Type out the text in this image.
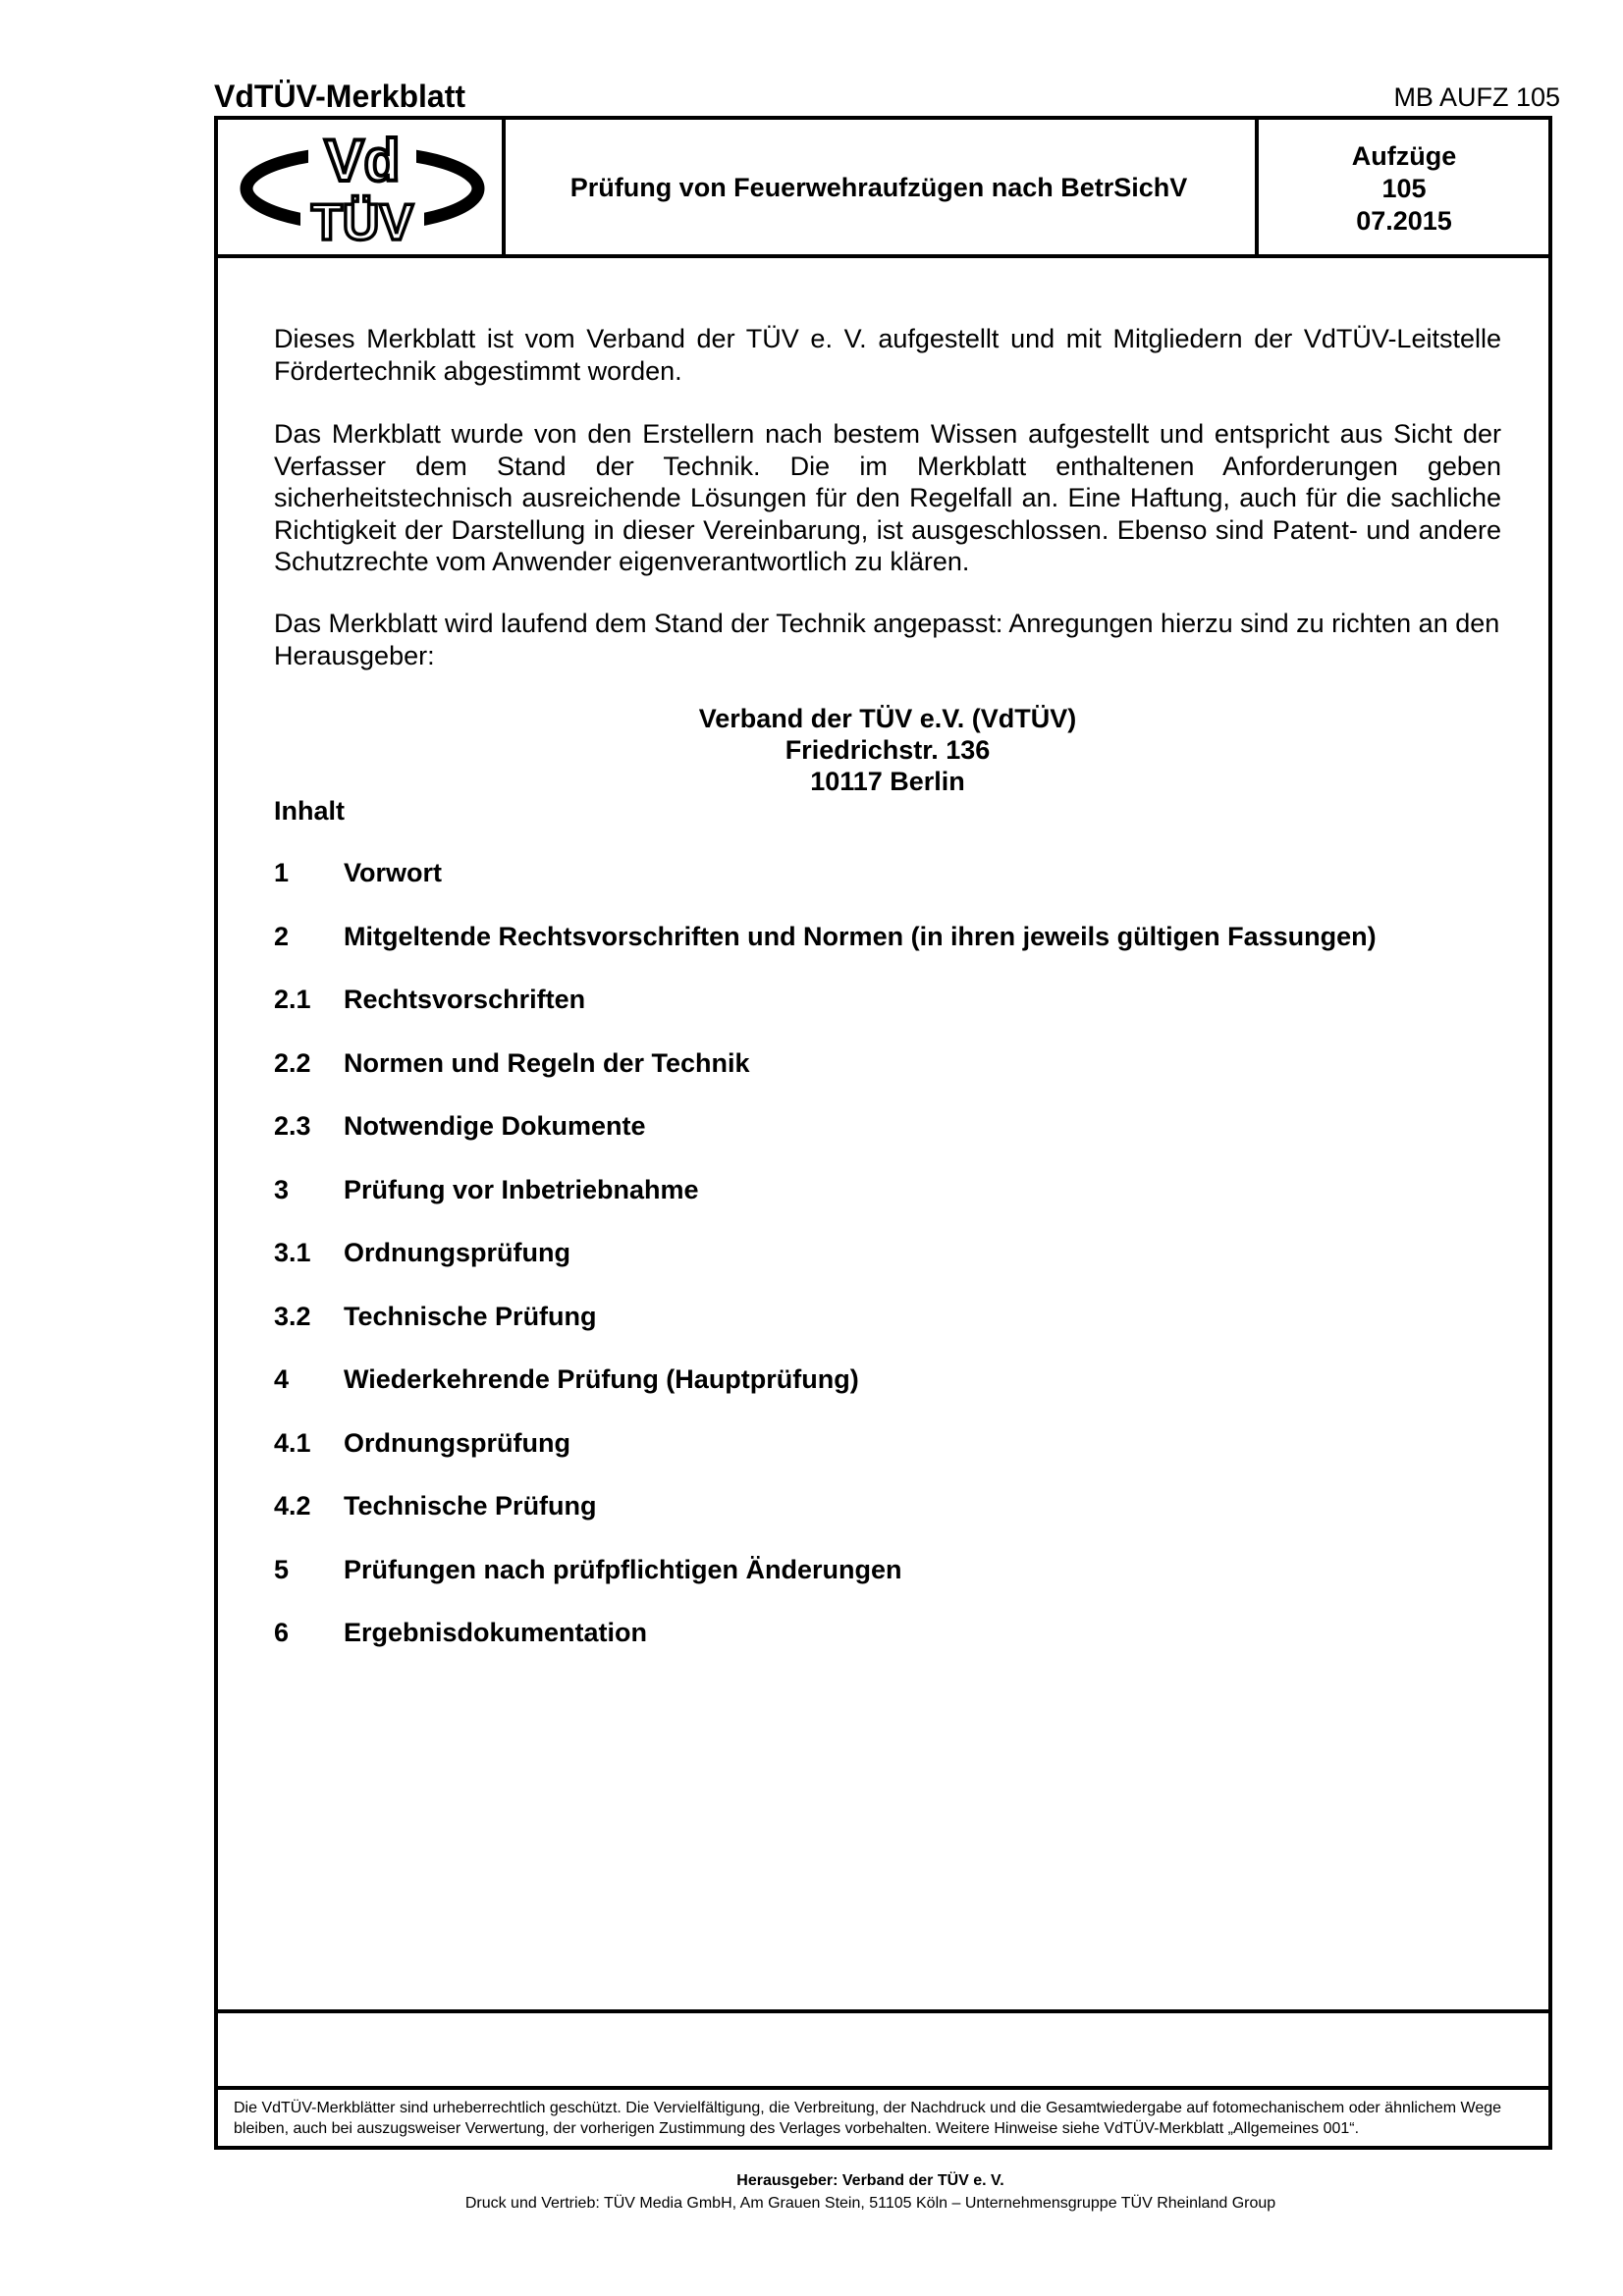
VdTÜV-Merkblatt	MB AUFZ 105
Vd
TÜV
Prüfung von Feuerwehraufzügen nach BetrSichV
Aufzüge
105
07.2015
Dieses Merkblatt ist vom Verband der TÜV e. V. aufgestellt und mit Mitgliedern der VdTÜV-Leitstelle Fördertechnik abgestimmt worden.
Das Merkblatt wurde von den Erstellern nach bestem Wissen aufgestellt und entspricht aus Sicht der Verfasser dem Stand der Technik. Die im Merkblatt enthaltenen Anforderungen geben sicherheitstechnisch ausreichende Lösungen für den Regelfall an. Eine Haftung, auch für die sachliche Richtigkeit der Darstellung in dieser Vereinbarung, ist ausgeschlossen. Ebenso sind Patent- und andere Schutzrechte vom Anwender eigenverantwortlich zu klären.
Das Merkblatt wird laufend dem Stand der Technik angepasst: Anregungen hierzu sind zu richten an den Herausgeber:
Verband der TÜV e.V. (VdTÜV)
Friedrichstr. 136
10117 Berlin
Inhalt
1 Vorwort
2 Mitgeltende Rechtsvorschriften und Normen (in ihren jeweils gültigen Fassungen)
2.1 Rechtsvorschriften
2.2 Normen und Regeln der Technik
2.3 Notwendige Dokumente
3 Prüfung vor Inbetriebnahme
3.1 Ordnungsprüfung
3.2 Technische Prüfung
4 Wiederkehrende Prüfung (Hauptprüfung)
4.1 Ordnungsprüfung
4.2 Technische Prüfung
5 Prüfungen nach prüfpflichtigen Änderungen
6 Ergebnisdokumentation
Die VdTÜV-Merkblätter sind urheberrechtlich geschützt. Die Vervielfältigung, die Verbreitung, der Nachdruck und die Gesamtwiedergabe auf fotomechanischem oder ähnlichem Wege bleiben, auch bei auszugsweiser Verwertung, der vorherigen Zustimmung des Verlages vorbehalten. Weitere Hinweise siehe VdTÜV-Merkblatt „Allgemeines 001“.
Herausgeber: Verband der TÜV e. V.
Druck und Vertrieb: TÜV Media GmbH, Am Grauen Stein, 51105 Köln – Unternehmensgruppe TÜV Rheinland Group
